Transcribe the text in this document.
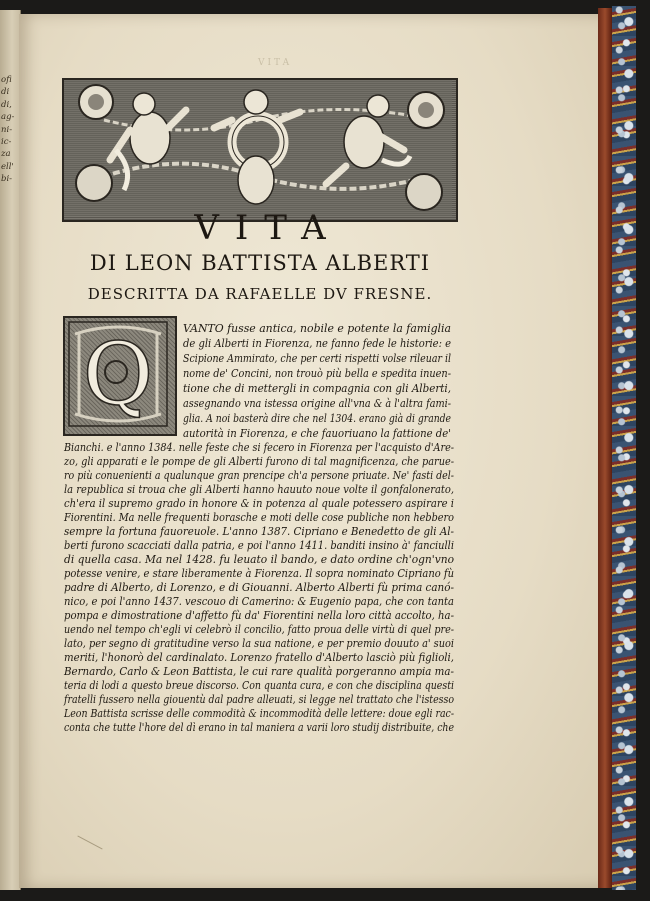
ofi
di
di,
ag-
ni-
ic-
za
ell'
bi-
VITA
VITA
DI LEON BATTISTA ALBERTI
DESCRITTA DA RAFAELLE DV FRESNE.
Q	VANTO fusse antica, nobile e potente la famiglia
de gli Alberti in Fiorenza, ne fanno fede le historie: e
Scipione Ammirato, che per certi rispetti volse rileuar il
nome de' Concini, non trouò più bella e spedita inuen-
tione che di mettergli in compagnia con gli Alberti,
assegnando vna istessa origine all'vna & à l'altra fami-
glia. A noi basterà dire che nel 1304. erano già di grande
autorità in Fiorenza, e che fauoriuano la fattione de'
Bianchi. e l'anno 1384. nelle feste che si fecero in Fiorenza per l'acquisto d'Are-
zo, gli apparati e le pompe de gli Alberti furono di tal magnificenza, che parue-
ro più conuenienti a qualunque gran prencipe ch'a persone priuate. Ne' fasti del-
la republica si troua che gli Alberti hanno hauuto noue volte il gonfalonerato,
ch'era il supremo grado in honore & in potenza al quale potessero aspirare i
Fiorentini. Ma nelle frequenti borasche e moti delle cose publiche non hebbero
sempre la fortuna fauoreuole. L'anno 1387. Cipriano e Benedetto de gli Al-
berti furono scacciati dalla patria, e poi l'anno 1411. banditi insino à' fanciulli
di quella casa. Ma nel 1428. fu leuato il bando, e dato ordine ch'ogn'vno
potesse venire, e stare liberamente à Fiorenza. Il sopra nominato Cipriano fù
padre di Alberto, di Lorenzo, e di Giouanni. Alberto Alberti fù prima canó-
nico, e poi l'anno 1437. vescouo di Camerino: & Eugenio papa, che con tanta
pompa e dimostratione d'affetto fù da' Fiorentini nella loro città accolto, ha-
uendo nel tempo ch'egli vi celebrò il concilio, fatto proua delle virtù di quel pre-
lato, per segno di gratitudine verso la sua natione, e per premio douuto a' suoi
meriti, l'honorò del cardinalato. Lorenzo fratello d'Alberto lasciò più figlioli,
Bernardo, Carlo & Leon Battista, le cui rare qualità porgeranno ampia ma-
teria di lodi a questo breue discorso. Con quanta cura, e con che disciplina questi
fratelli fussero nella giouentù dal padre alleuati, si legge nel trattato che l'istesso
Leon Battista scrisse delle commodità & incommodità delle lettere: doue egli rac-
conta che tutte l'hore del dì erano in tal maniera a varii loro studij distribuite, che
